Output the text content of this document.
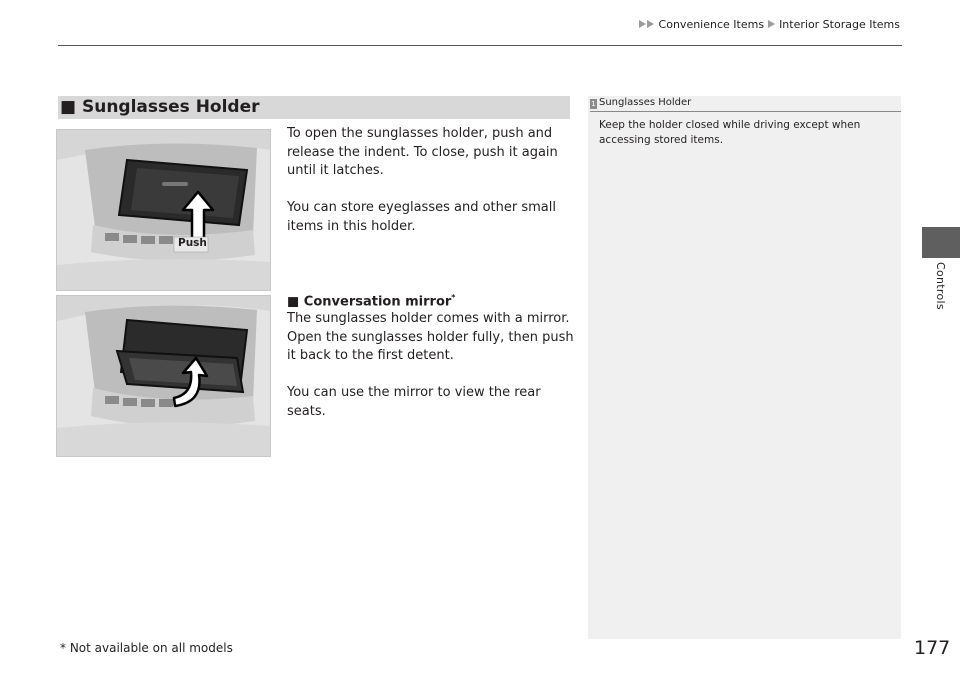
Convenience Items Interior Storage Items
Controls
■ Sunglasses Holder
Push
To open the sunglasses holder, push and release the indent. To close, push it again until it latches.
You can store eyeglasses and other small items in this holder.
■ Conversation mirror*
The sunglasses holder comes with a mirror. Open the sunglasses holder fully, then push it back to the first detent.
You can use the mirror to view the rear seats.
1 Sunglasses Holder
Keep the holder closed while driving except when accessing stored items.
* Not available on all models	177
